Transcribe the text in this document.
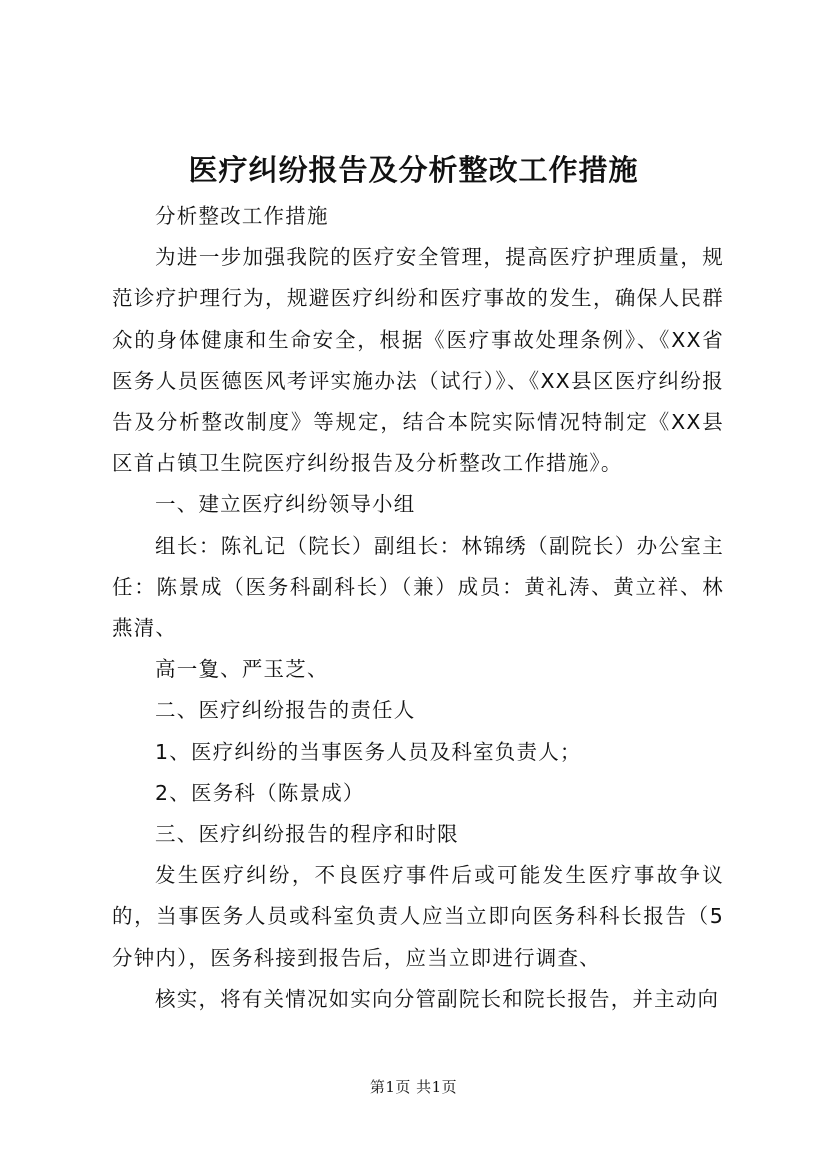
医疗纠纷报告及分析整改工作措施

分析整改工作措施

为进一步加强我院的医疗安全管理，提高医疗护理质量，规范诊疗护理行为，规避医疗纠纷和医疗事故的发生，确保人民群众的身体健康和生命安全，根据《医疗事故处理条例》、《XX省医务人员医德医风考评实施办法（试行）》、《XX县区医疗纠纷报告及分析整改制度》等规定，结合本院实际情况特制定《XX县区首占镇卫生院医疗纠纷报告及分析整改工作措施》。

一、建立医疗纠纷领导小组

组长：陈礼记（院长）副组长：林锦绣（副院长）办公室主任：陈景成（医务科副科长）（兼）成员：黄礼涛、黄立祥、林燕清、

高一夐、严玉芝、

二、医疗纠纷报告的责任人

1、医疗纠纷的当事医务人员及科室负责人；

2、医务科（陈景成）

三、医疗纠纷报告的程序和时限

发生医疗纠纷，不良医疗事件后或可能发生医疗事故争议的，当事医务人员或科室负责人应当立即向医务科科长报告（5分钟内），医务科接到报告后，应当立即进行调查、

核实，将有关情况如实向分管副院长和院长报告，并主动向

第1页 共1页
